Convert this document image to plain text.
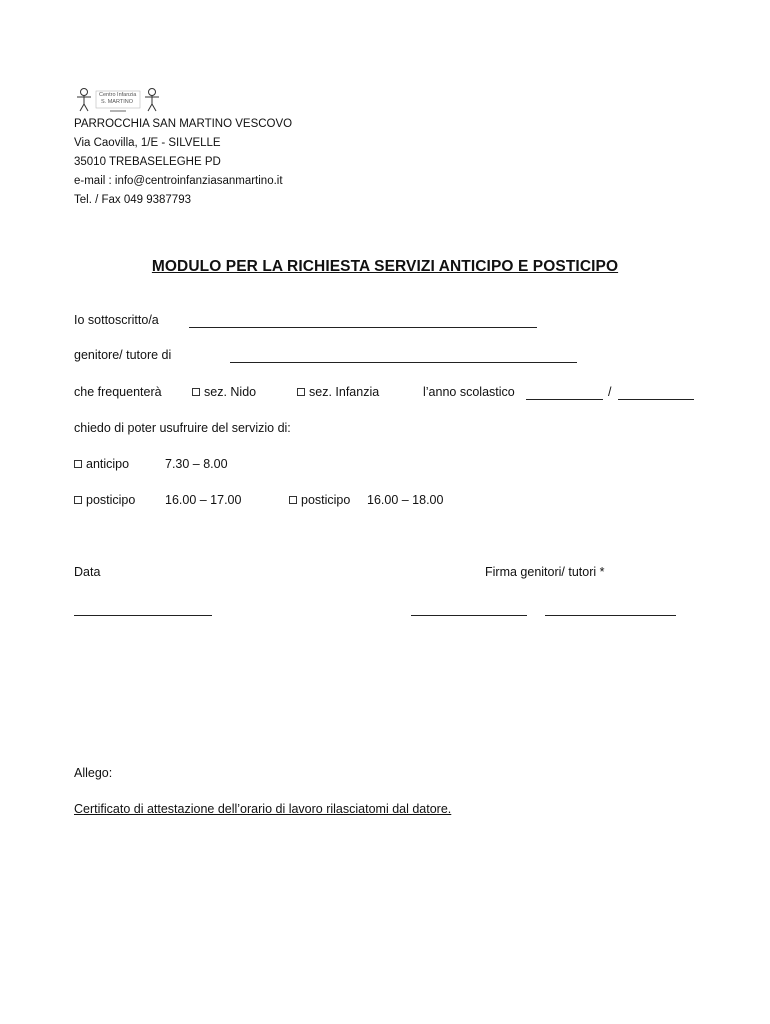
Centro Infanzia
S. MARTINO
PARROCCHIA SAN MARTINO VESCOVO
Via Caovilla, 1/E - SILVELLE
35010 TREBASELEGHE PD
e-mail : info@centroinfanziasanmartino.it
Tel. / Fax 049 9387793
MODULO PER LA RICHIESTA SERVIZI ANTICIPO E POSTICIPO
Io sottoscritto/a
genitore/ tutore di
che frequenterà	sez. Nido	sez. Infanzia	l’anno scolastico	/
chiedo di poter usufruire del servizio di:
anticipo	7.30 – 8.00
posticipo 16.00 – 17.00	posticipo 16.00 – 18.00
Data	Firma genitori/ tutori *
Allego:
Certificato di attestazione dell’orario di lavoro rilasciatomi dal datore.
